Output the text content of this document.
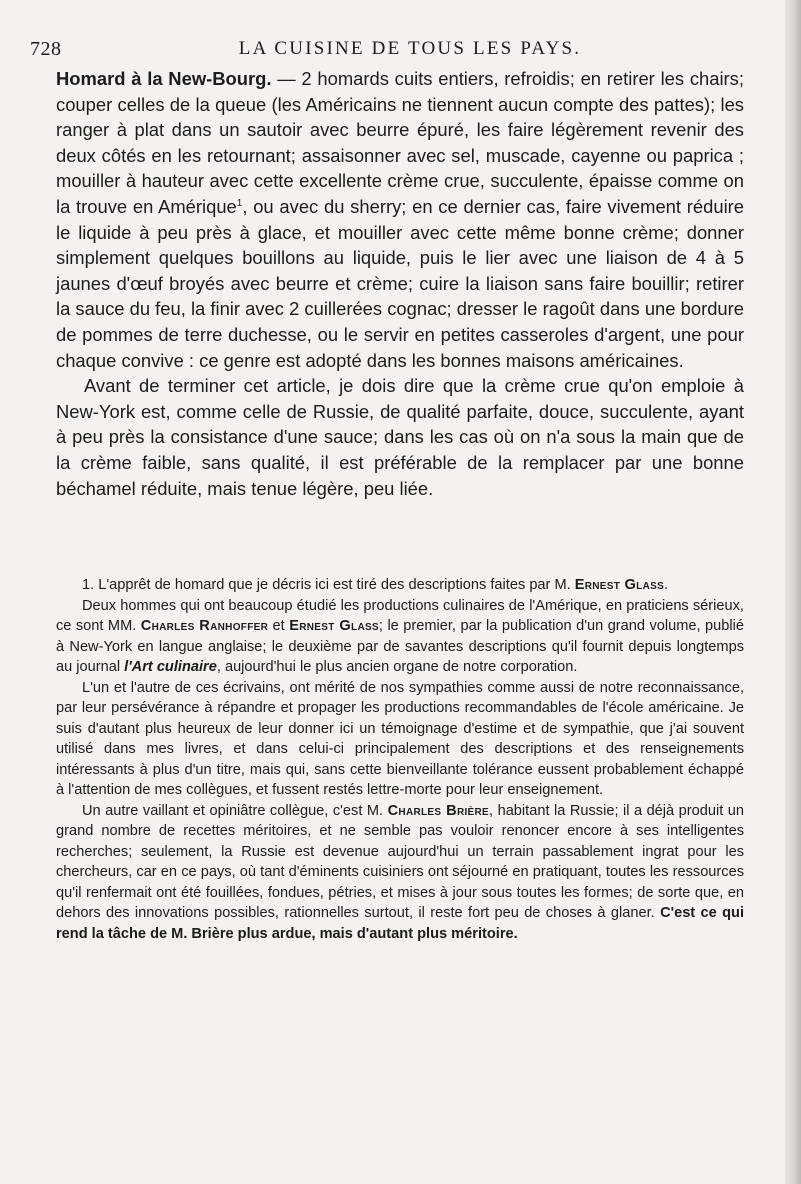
728	LA CUISINE DE TOUS LES PAYS.

Homard à la New-Bourg. — 2 homards cuits entiers, refroidis; en retirer les chairs; couper celles de la queue (les Américains ne tiennent aucun compte des pattes); les ranger à plat dans un sautoir avec beurre épuré, les faire légèrement revenir des deux côtés en les retournant; assaisonner avec sel, muscade, cayenne ou paprica ; mouiller à hauteur avec cette excellente crème crue, succulente, épaisse comme on la trouve en Amérique$^1$, ou avec du sherry; en ce dernier cas, faire vivement réduire le liquide à peu près à glace, et mouiller avec cette même bonne crème; donner simplement quelques bouillons au liquide, puis le lier avec une liaison de 4 à 5 jaunes d'œuf broyés avec beurre et crème; cuire la liaison sans faire bouillir; retirer la sauce du feu, la finir avec 2 cuillerées cognac; dresser le ragoût dans une bordure de pommes de terre duchesse, ou le servir en petites casseroles d'argent, une pour chaque convive : ce genre est adopté dans les bonnes maisons américaines.

Avant de terminer cet article, je dois dire que la crème crue qu'on emploie à New-York est, comme celle de Russie, de qualité parfaite, douce, succulente, ayant à peu près la consistance d'une sauce; dans les cas où on n'a sous la main que de la crème faible, sans qualité, il est préférable de la remplacer par une bonne béchamel réduite, mais tenue légère, peu liée.

1. L'apprêt de homard que je décris ici est tiré des descriptions faites par M. Ernest Glass.

Deux hommes qui ont beaucoup étudié les productions culinaires de l'Amérique, en praticiens sérieux, ce sont MM. Charles Ranhoffer et Ernest Glass; le premier, par la publication d'un grand volume, publié à New-York en langue anglaise; le deuxième par de savantes descriptions qu'il fournit depuis longtemps au journal l'Art culinaire, aujourd'hui le plus ancien organe de notre corporation.

L'un et l'autre de ces écrivains, ont mérité de nos sympathies comme aussi de notre reconnaissance, par leur persévérance à répandre et propager les productions recommandables de l'école américaine. Je suis d'autant plus heureux de leur donner ici un témoignage d'estime et de sympathie, que j'ai souvent utilisé dans mes livres, et dans celui-ci principalement des descriptions et des renseignements intéressants à plus d'un titre, mais qui, sans cette bienveillante tolérance eussent probablement échappé à l'attention de mes collègues, et fussent restés lettre-morte pour leur enseignement.

Un autre vaillant et opiniâtre collègue, c'est M. Charles Brière, habitant la Russie; il a déjà produit un grand nombre de recettes méritoires, et ne semble pas vouloir renoncer encore à ses intelligentes recherches; seulement, la Russie est devenue aujourd'hui un terrain passablement ingrat pour les chercheurs, car en ce pays, où tant d'éminents cuisiniers ont séjourné en pratiquant, toutes les ressources qu'il renfermait ont été fouillées, fondues, pétries, et mises à jour sous toutes les formes; de sorte que, en dehors des innovations possibles, rationnelles surtout, il reste fort peu de choses à glaner. C'est ce qui rend la tâche de M. Brière plus ardue, mais d'autant plus méritoire.
